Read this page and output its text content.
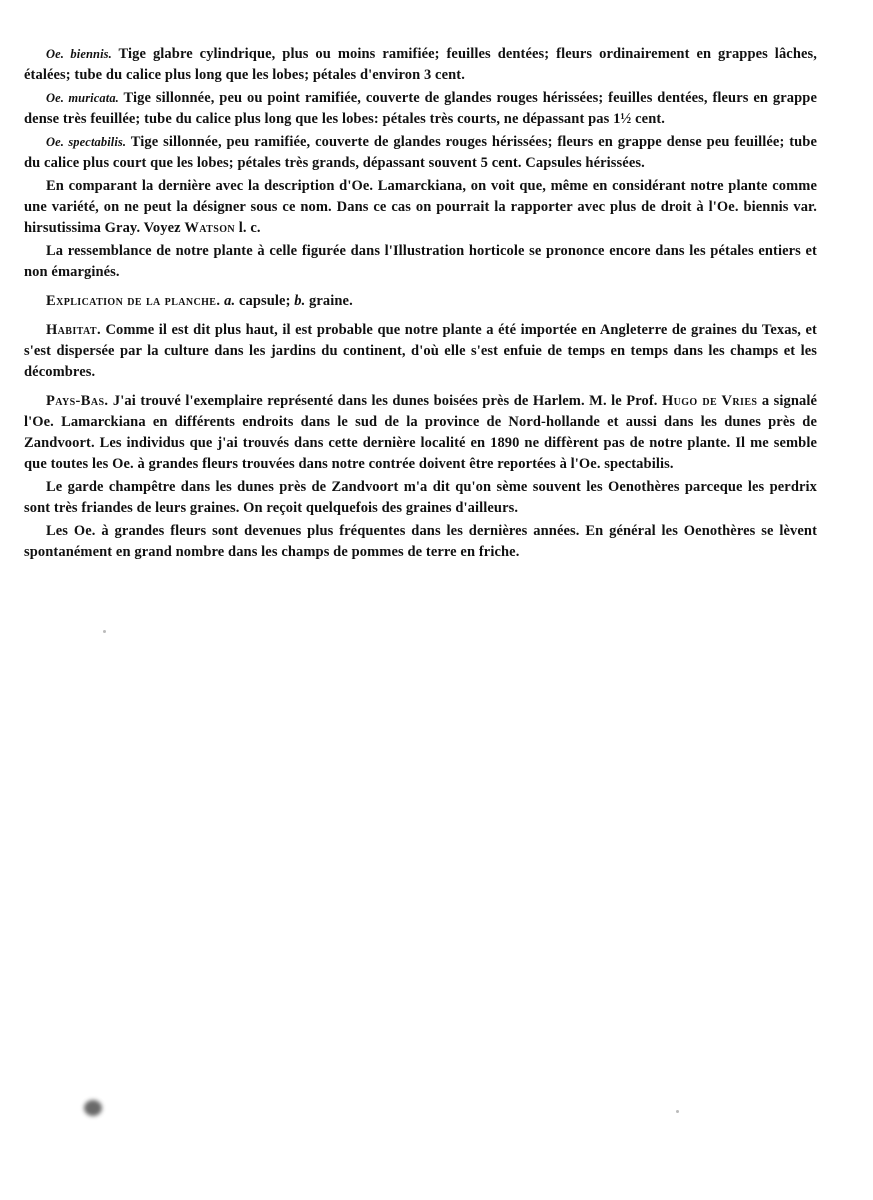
Oe. biennis. Tige glabre cylindrique, plus ou moins ramifiée; feuilles dentées; fleurs ordinairement en grappes lâches, étalées; tube du calice plus long que les lobes; pétales d'environ 3 cent.

Oe. muricata. Tige sillonnée, peu ou point ramifiée, couverte de glandes rouges hérissées; feuilles dentées, fleurs en grappe dense très feuillée; tube du calice plus long que les lobes: pétales très courts, ne dépassant pas 1½ cent.

Oe. spectabilis. Tige sillonnée, peu ramifiée, couverte de glandes rouges hérissées; fleurs en grappe dense peu feuillée; tube du calice plus court que les lobes; pétales très grands, dépassant souvent 5 cent. Capsules hérissées.

En comparant la dernière avec la description d'Oe. Lamarckiana, on voit que, même en considérant notre plante comme une variété, on ne peut la désigner sous ce nom. Dans ce cas on pourrait la rapporter avec plus de droit à l'Oe. biennis var. hirsutissima Gray. Voyez Watson l. c.

La ressemblance de notre plante à celle figurée dans l'Illustration horticole se prononce encore dans les pétales entiers et non émarginés.

Explication de la planche. a. capsule; b. graine.

Habitat. Comme il est dit plus haut, il est probable que notre plante a été importée en Angleterre de graines du Texas, et s'est dispersée par la culture dans les jardins du continent, d'où elle s'est enfuie de temps en temps dans les champs et les décombres.

Pays-Bas. J'ai trouvé l'exemplaire représenté dans les dunes boisées près de Harlem. M. le Prof. Hugo de Vries a signalé l'Oe. Lamarckiana en différents endroits dans le sud de la province de Nord-hollande et aussi dans les dunes près de Zandvoort. Les individus que j'ai trouvés dans cette dernière localité en 1890 ne diffèrent pas de notre plante. Il me semble que toutes les Oe. à grandes fleurs trouvées dans notre contrée doivent être reportées à l'Oe. spectabilis.

Le garde champêtre dans les dunes près de Zandvoort m'a dit qu'on sème souvent les Oenothères parceque les perdrix sont très friandes de leurs graines. On reçoit quelquefois des graines d'ailleurs.

Les Oe. à grandes fleurs sont devenues plus fréquentes dans les dernières années. En général les Oenothères se lèvent spontanément en grand nombre dans les champs de pommes de terre en friche.
